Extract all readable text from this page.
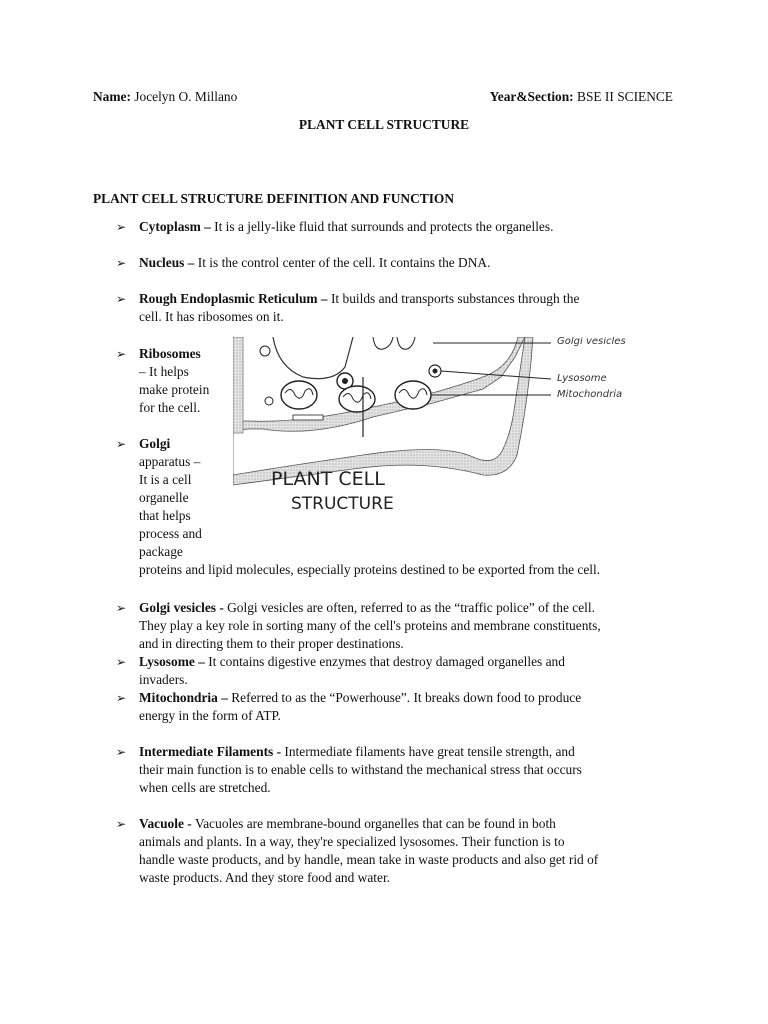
Name: Jocelyn O. Millano	Year&Section: BSE II SCIENCE
PLANT CELL STRUCTURE
PLANT CELL STRUCTURE DEFINITION AND FUNCTION
➢ Cytoplasm – It is a jelly-like fluid that surrounds and protects the organelles.
➢ Nucleus – It is the control center of the cell. It contains the DNA.
➢ Rough Endoplasmic Reticulum – It builds and transports substances through the
cell. It has ribosomes on it.
➢ Ribosomes
– It helps
make protein
for the cell.
➢ Golgi
apparatus –
It is a cell
organelle
that helps
process and
package
proteins and lipid molecules, especially proteins destined to be exported from the cell.
➢ Golgi vesicles - Golgi vesicles are often, referred to as the “traffic police” of the cell.
They play a key role in sorting many of the cell's proteins and membrane constituents,
and in directing them to their proper destinations.
➢ Lysosome – It contains digestive enzymes that destroy damaged organelles and
invaders.
➢ Mitochondria – Referred to as the “Powerhouse”. It breaks down food to produce
energy in the form of ATP.
➢ Intermediate Filaments - Intermediate filaments have great tensile strength, and
their main function is to enable cells to withstand the mechanical stress that occurs
when cells are stretched.
➢ Vacuole - Vacuoles are membrane-bound organelles that can be found in both
animals and plants. In a way, they're specialized lysosomes. Their function is to
handle waste products, and by handle, mean take in waste products and also get rid of
waste products. And they store food and water.
Golgi vesicles
Lysosome
Mitochondria
PLANT CELL
STRUCTURE
